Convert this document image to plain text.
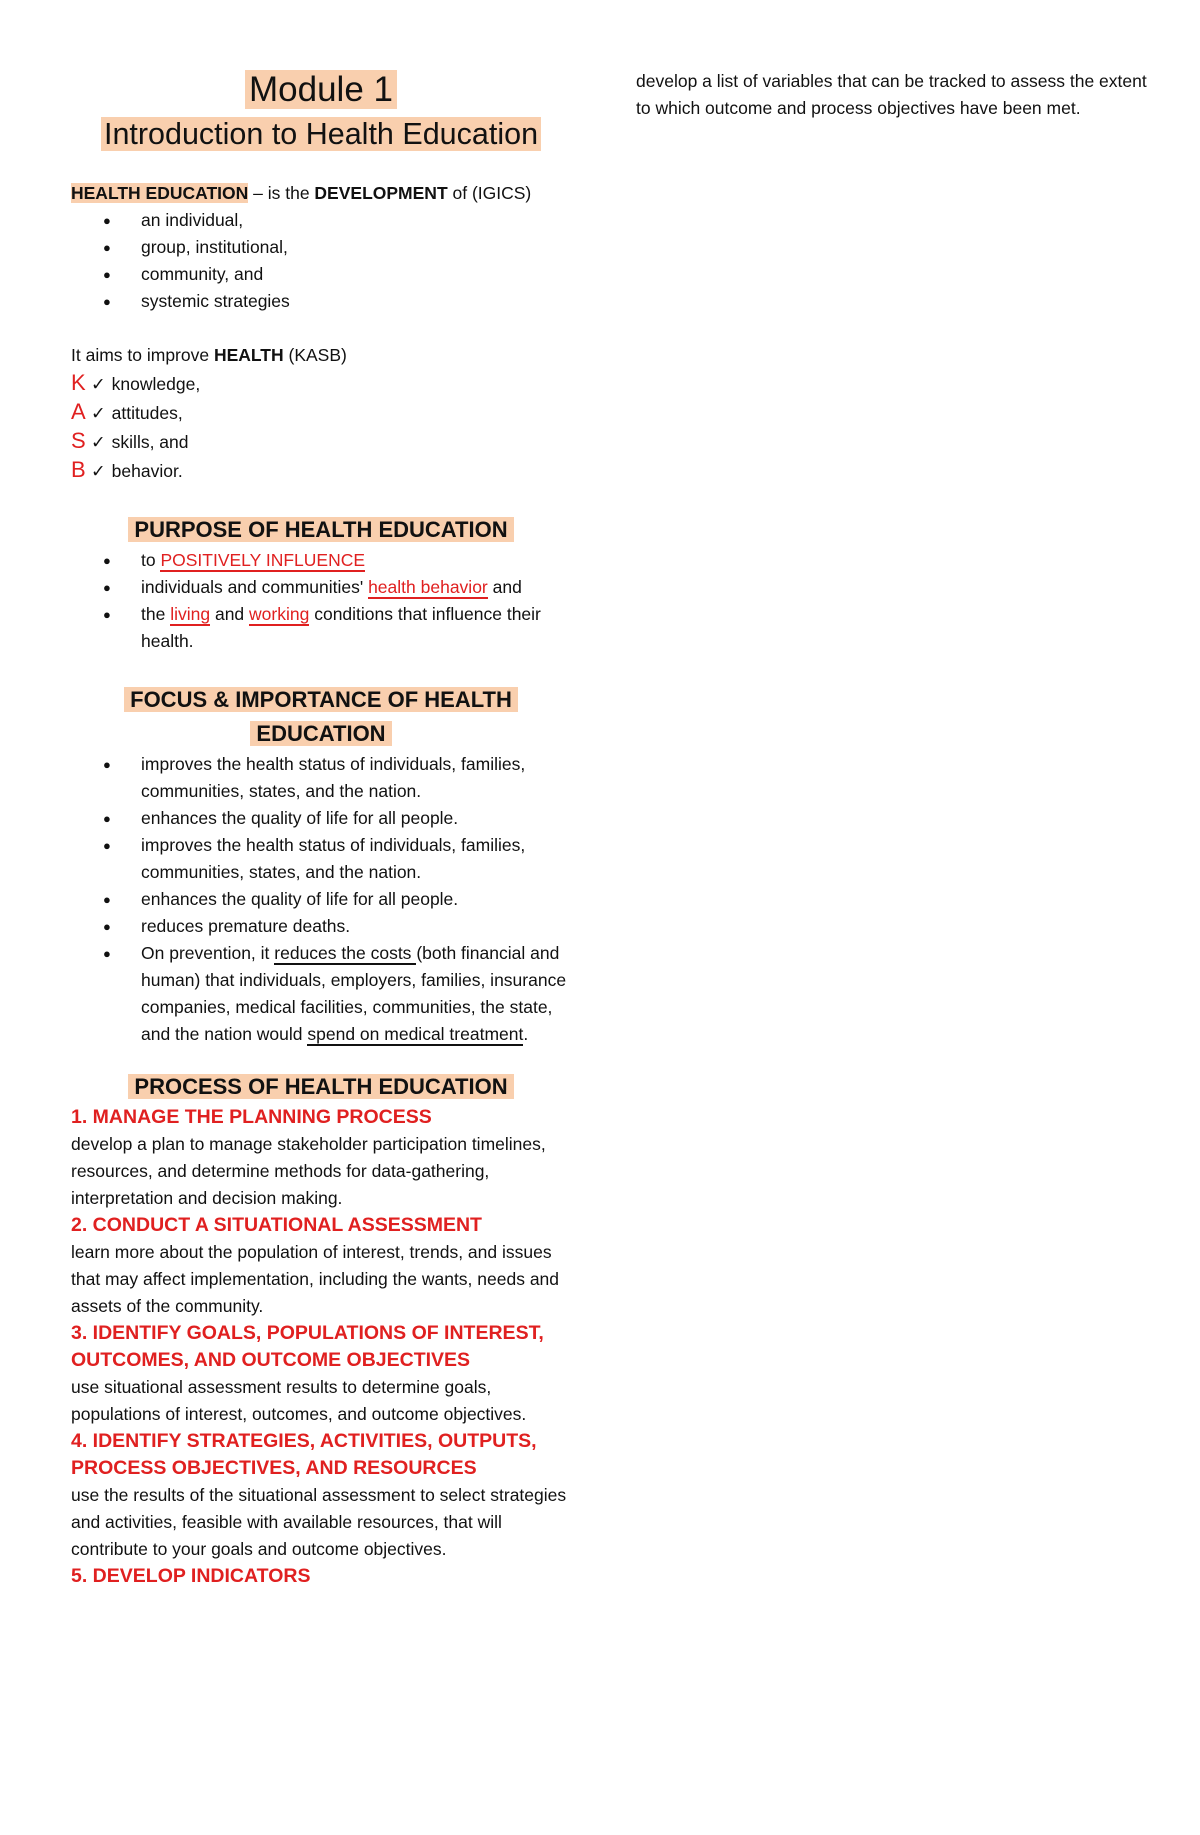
Module 1

Introduction to Health Education

HEALTH EDUCATION – is the DEVELOPMENT of (IGICS)
● an individual,
● group, institutional,
● community, and
● systemic strategies
It aims to improve HEALTH (KASB)
K ✓ knowledge,
A ✓ attitudes,
S ✓ skills, and
B ✓ behavior.
PURPOSE OF HEALTH EDUCATION
● to POSITIVELY INFLUENCE
● individuals and communities' health behavior and
● the living and working conditions that influence their health.
FOCUS & IMPORTANCE OF HEALTH
EDUCATION
● improves the health status of individuals, families, communities, states, and the nation.
● enhances the quality of life for all people.
● improves the health status of individuals, families, communities, states, and the nation.
● enhances the quality of life for all people.
● reduces premature deaths.
● On prevention, it reduces the costs (both financial and human) that individuals, employers, families, insurance companies, medical facilities, communities, the state, and the nation would spend on medical treatment.
PROCESS OF HEALTH EDUCATION
1. MANAGE THE PLANNING PROCESS
develop a plan to manage stakeholder participation timelines, resources, and determine methods for data-gathering, interpretation and decision making.
2. CONDUCT A SITUATIONAL ASSESSMENT
learn more about the population of interest, trends, and issues that may affect implementation, including the wants, needs and assets of the community.
3. IDENTIFY GOALS, POPULATIONS OF INTEREST, OUTCOMES, AND OUTCOME OBJECTIVES
use situational assessment results to determine goals, populations of interest, outcomes, and outcome objectives.
4. IDENTIFY STRATEGIES, ACTIVITIES, OUTPUTS, PROCESS OBJECTIVES, AND RESOURCES
use the results of the situational assessment to select strategies and activities, feasible with available resources, that will contribute to your goals and outcome objectives.
5. DEVELOP INDICATORS
develop a list of variables that can be tracked to assess the extent to which outcome and process objectives have been met.
